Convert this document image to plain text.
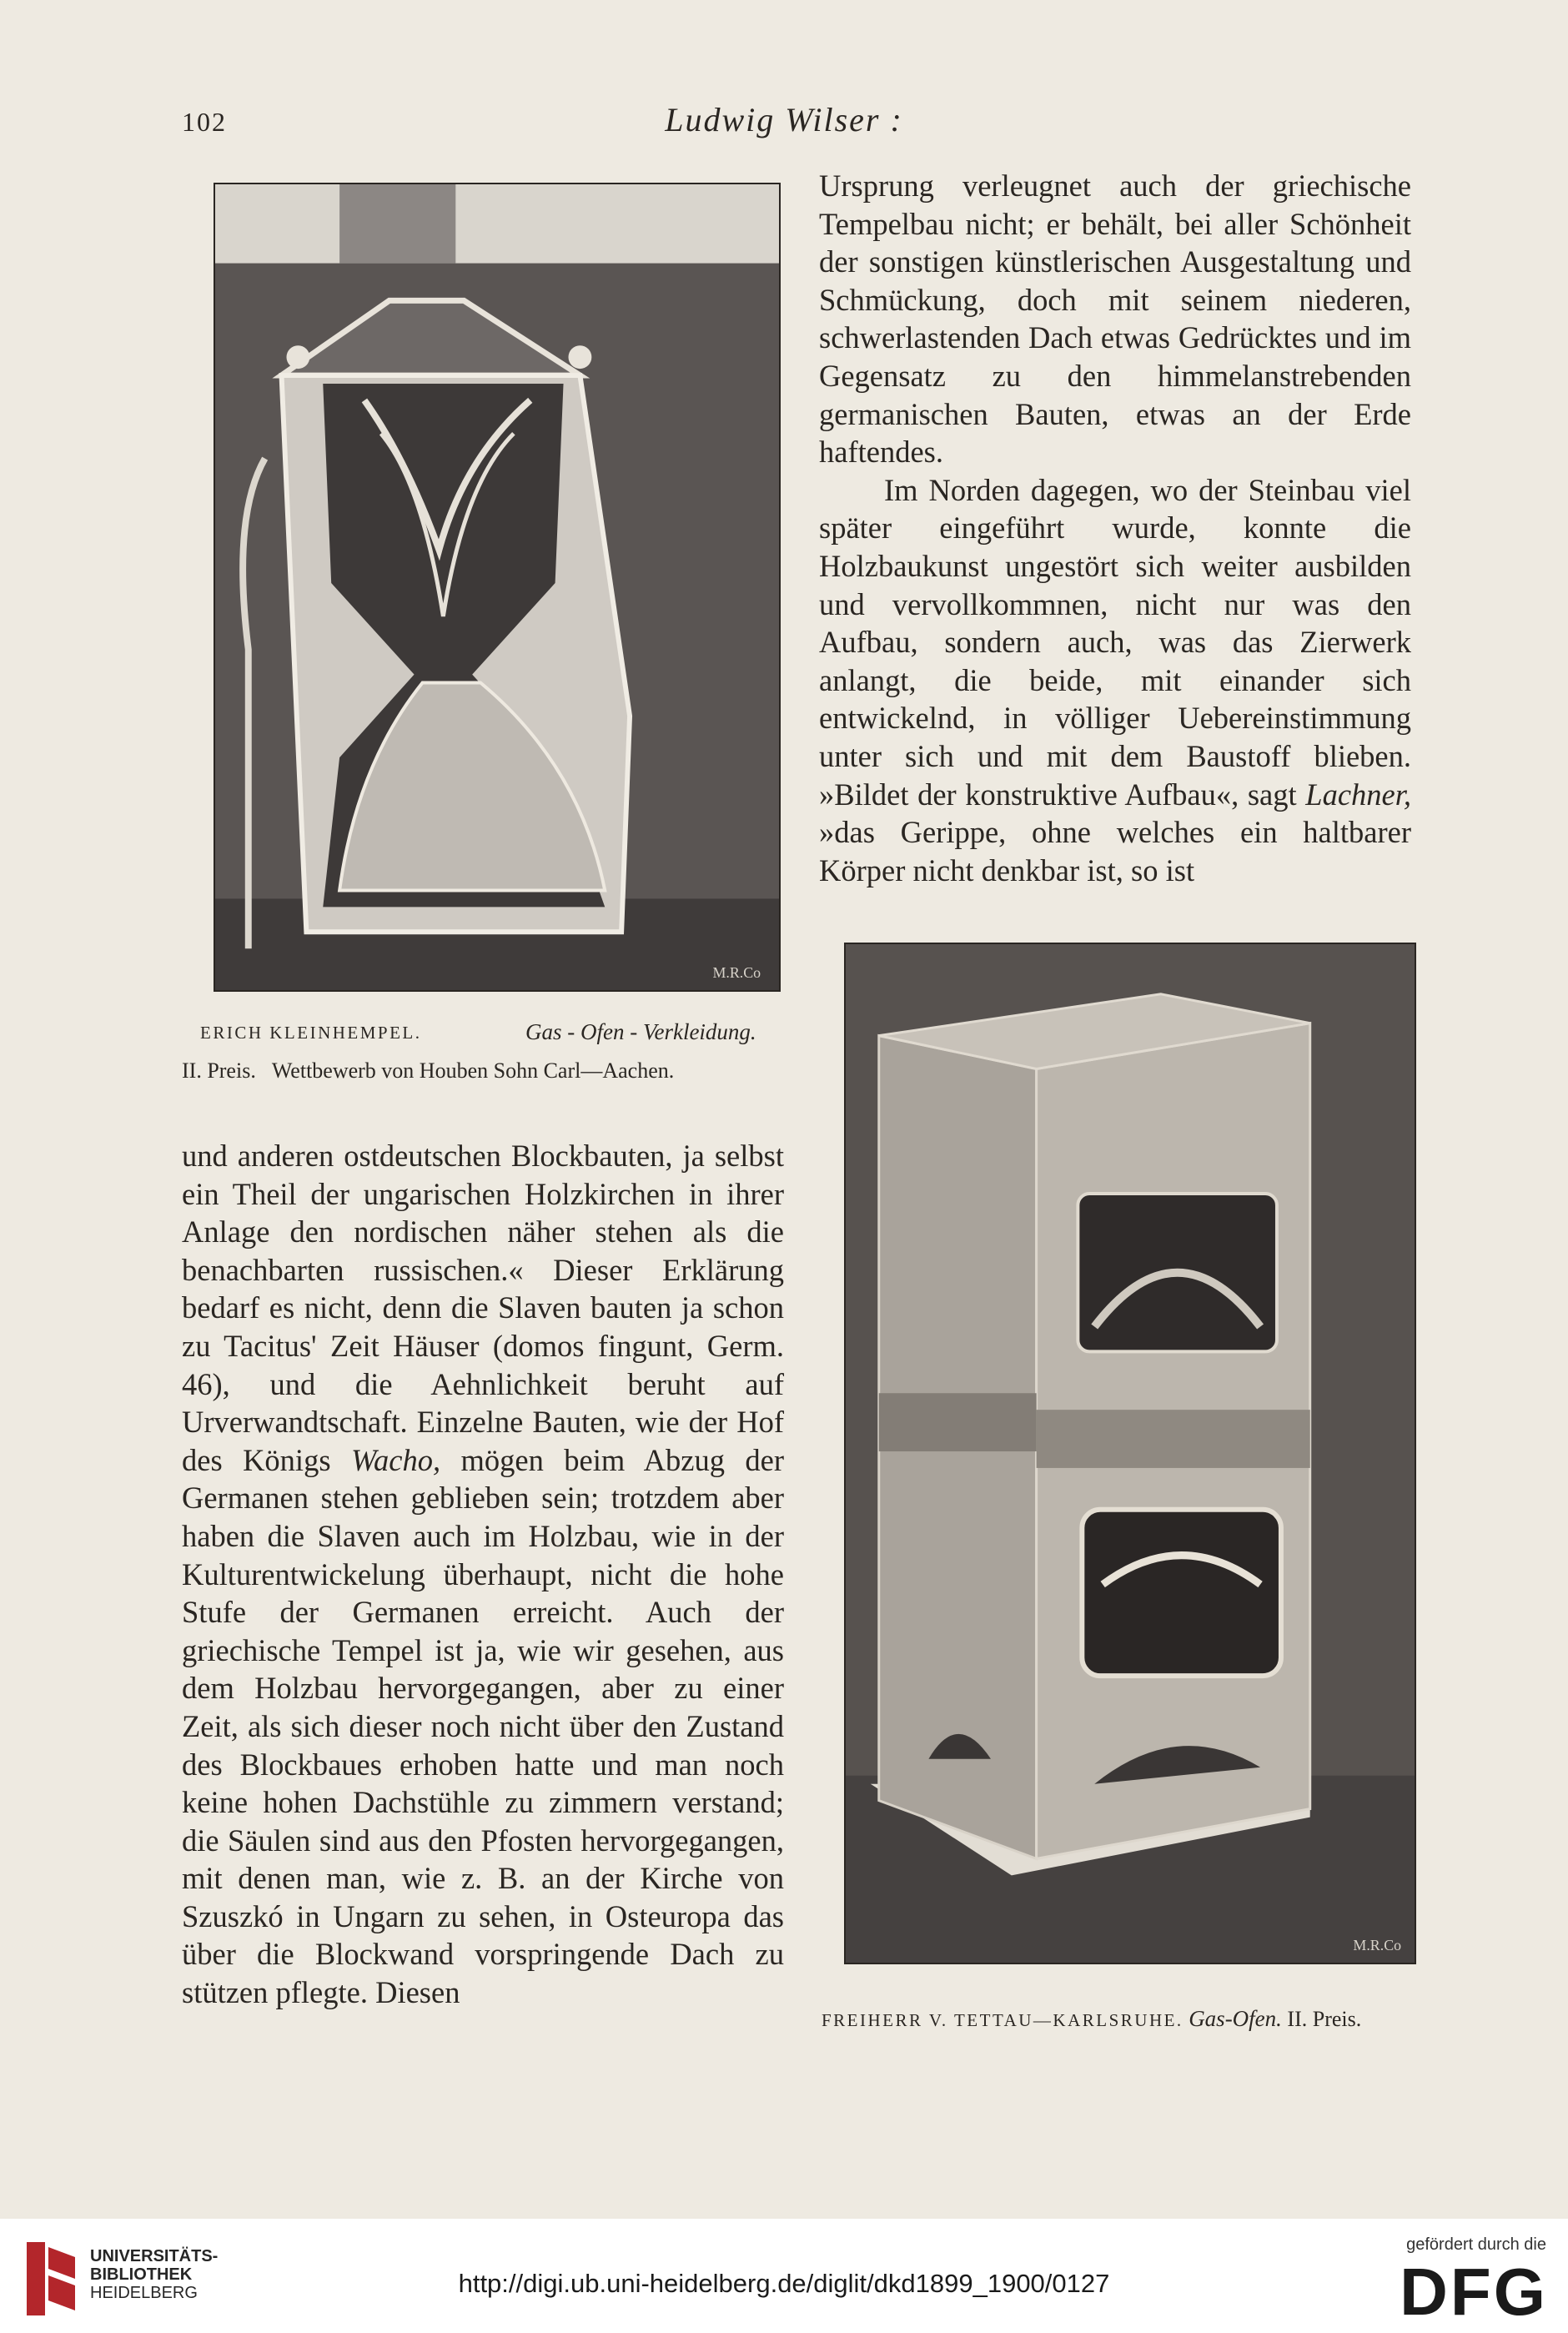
102	Ludwig Wilser :

Ursprung verleugnet auch der griechische Tempelbau nicht; er behält, bei aller Schönheit der sonstigen künstlerischen Ausgestaltung und Schmückung, doch mit seinem niederen, schwerlastenden Dach etwas Gedrücktes und im Gegensatz zu den himmelanstrebenden germanischen Bauten, etwas an der Erde haftendes.

Im Norden dagegen, wo der Steinbau viel später eingeführt wurde, konnte die Holzbaukunst ungestört sich weiter ausbilden und vervollkommnen, nicht nur was den Aufbau, sondern auch, was das Zierwerk anlangt, die beide, mit einander sich entwickelnd, in völliger Uebereinstimmung unter sich und mit dem Baustoff blieben. »Bildet der konstruktive Aufbau«, sagt Lachner, »das Gerippe, ohne welches ein haltbarer Körper nicht denkbar ist, so ist

M.R.Co
ERICH KLEINHEMPEL.	Gas - Ofen - Verkleidung.
II. Preis.   Wettbewerb von Houben Sohn Carl—Aachen.

und anderen ostdeutschen Blockbauten, ja selbst ein Theil der ungarischen Holzkirchen in ihrer Anlage den nordischen näher stehen als die benachbarten russischen.« Dieser Erklärung bedarf es nicht, denn die Slaven bauten ja schon zu Tacitus' Zeit Häuser (domos fingunt, Germ. 46), und die Aehnlichkeit beruht auf Urverwandtschaft. Einzelne Bauten, wie der Hof des Königs Wacho, mögen beim Abzug der Germanen stehen geblieben sein; trotzdem aber haben die Slaven auch im Holzbau, wie in der Kulturentwickelung überhaupt, nicht die hohe Stufe der Germanen erreicht. Auch der griechische Tempel ist ja, wie wir gesehen, aus dem Holzbau hervorgegangen, aber zu einer Zeit, als sich dieser noch nicht über den Zustand des Blockbaues erhoben hatte und man noch keine hohen Dachstühle zu zimmern verstand; die Säulen sind aus den Pfosten hervorgegangen, mit denen man, wie z. B. an der Kirche von Szuszkó in Ungarn zu sehen, in Osteuropa das über die Blockwand vorspringende Dach zu stützen pflegte. Diesen

M.R.Co
FREIHERR V. TETTAU—KARLSRUHE. Gas-Ofen. II. Preis.
UNIVERSITÄTS-
BIBLIOTHEK
HEIDELBERG	http://digi.ub.uni-heidelberg.de/diglit/dkd1899_1900/0127
gefördert durch die
DFG
